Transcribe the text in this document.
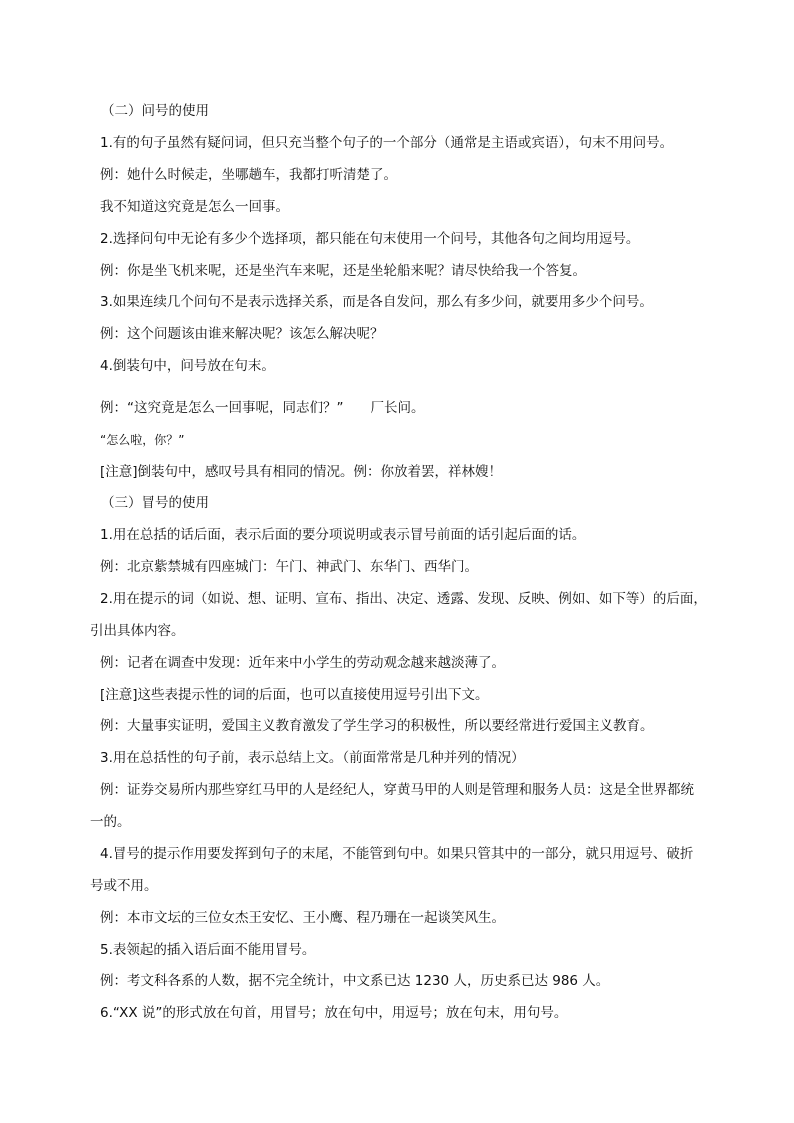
（二）问号的使用
1.有的句子虽然有疑问词，但只充当整个句子的一个部分（通常是主语或宾语），句末不用问号。
例：她什么时候走，坐哪趟车，我都打听清楚了。
我不知道这究竟是怎么一回事。
2.选择问句中无论有多少个选择项，都只能在句末使用一个问号，其他各句之间均用逗号。
例：你是坐飞机来呢，还是坐汽车来呢，还是坐轮船来呢？请尽快给我一个答复。
3.如果连续几个问句不是表示选择关系，而是各自发问，那么有多少问，就要用多少个问号。
例：这个问题该由谁来解决呢？该怎么解决呢？
4.倒装句中，问号放在句末。
例：“这究竟是怎么一回事呢，同志们？”　　厂长问。
“怎么啦，你？”
[注意]倒装句中，感叹号具有相同的情况。例：你放着罢，祥林嫂！
（三）冒号的使用
1.用在总括的话后面，表示后面的要分项说明或表示冒号前面的话引起后面的话。
例：北京紫禁城有四座城门：午门、神武门、东华门、西华门。
2.用在提示的词（如说、想、证明、宣布、指出、决定、透露、发现、反映、例如、如下等）的后面，
引出具体内容。
例：记者在调查中发现：近年来中小学生的劳动观念越来越淡薄了。
[注意]这些表提示性的词的后面，也可以直接使用逗号引出下文。
例：大量事实证明，爱国主义教育激发了学生学习的积极性，所以要经常进行爱国主义教育。
3.用在总括性的句子前，表示总结上文。（前面常常是几种并列的情况）
例：证券交易所内那些穿红马甲的人是经纪人，穿黄马甲的人则是管理和服务人员：这是全世界都统
一的。
4.冒号的提示作用要发挥到句子的末尾，不能管到句中。如果只管其中的一部分，就只用逗号、破折
号或不用。
例：本市文坛的三位女杰王安忆、王小鹰、程乃珊在一起谈笑风生。
5.表领起的插入语后面不能用冒号。
例：考文科各系的人数，据不完全统计，中文系已达 1230 人，历史系已达 986 人。
6.“XX 说”的形式放在句首，用冒号；放在句中，用逗号；放在句末，用句号。
